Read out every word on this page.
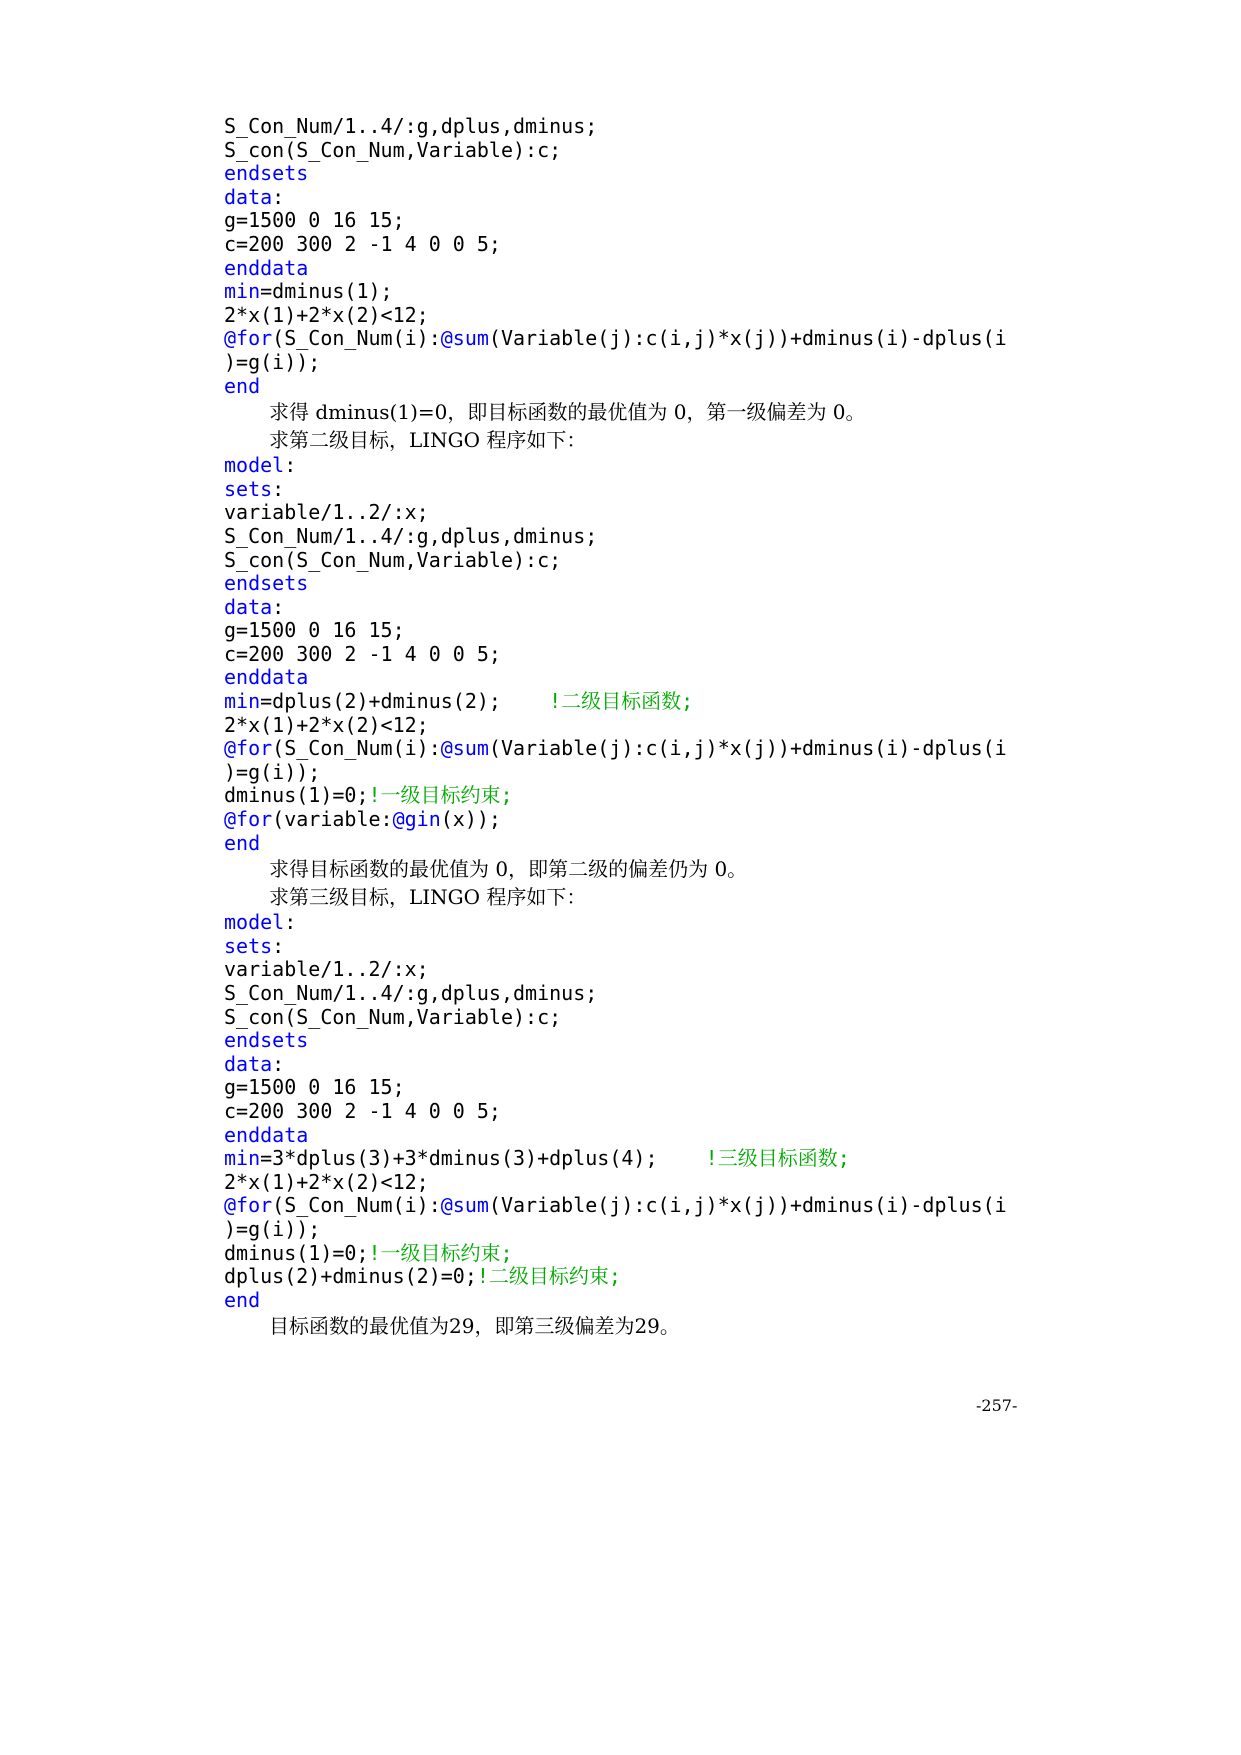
S_Con_Num/1..4/:g,dplus,dminus;
S_con(S_Con_Num,Variable):c;
endsets
data:
g=1500 0 16 15;
c=200 300 2 -1 4 0 0 5;
enddata
min=dminus(1);
2*x(1)+2*x(2)<12;
@for(S_Con_Num(i):@sum(Variable(j):c(i,j)*x(j))+dminus(i)-dplus(i
)=g(i));
end
求得 dminus(1)=0，即目标函数的最优值为 0，第一级偏差为 0。
求第二级目标，LINGO 程序如下：
model:
sets:
variable/1..2/:x;
S_Con_Num/1..4/:g,dplus,dminus;
S_con(S_Con_Num,Variable):c;
endsets
data:
g=1500 0 16 15;
c=200 300 2 -1 4 0 0 5;
enddata
min=dplus(2)+dminus(2);    !二级目标函数;
2*x(1)+2*x(2)<12;
@for(S_Con_Num(i):@sum(Variable(j):c(i,j)*x(j))+dminus(i)-dplus(i
)=g(i));
dminus(1)=0;!一级目标约束;
@for(variable:@gin(x));
end
求得目标函数的最优值为 0，即第二级的偏差仍为 0。
求第三级目标，LINGO 程序如下：
model:
sets:
variable/1..2/:x;
S_Con_Num/1..4/:g,dplus,dminus;
S_con(S_Con_Num,Variable):c;
endsets
data:
g=1500 0 16 15;
c=200 300 2 -1 4 0 0 5;
enddata
min=3*dplus(3)+3*dminus(3)+dplus(4);    !三级目标函数;
2*x(1)+2*x(2)<12;
@for(S_Con_Num(i):@sum(Variable(j):c(i,j)*x(j))+dminus(i)-dplus(i
)=g(i));
dminus(1)=0;!一级目标约束;
dplus(2)+dminus(2)=0;!二级目标约束;
end
目标函数的最优值为29，即第三级偏差为29。
-257-
